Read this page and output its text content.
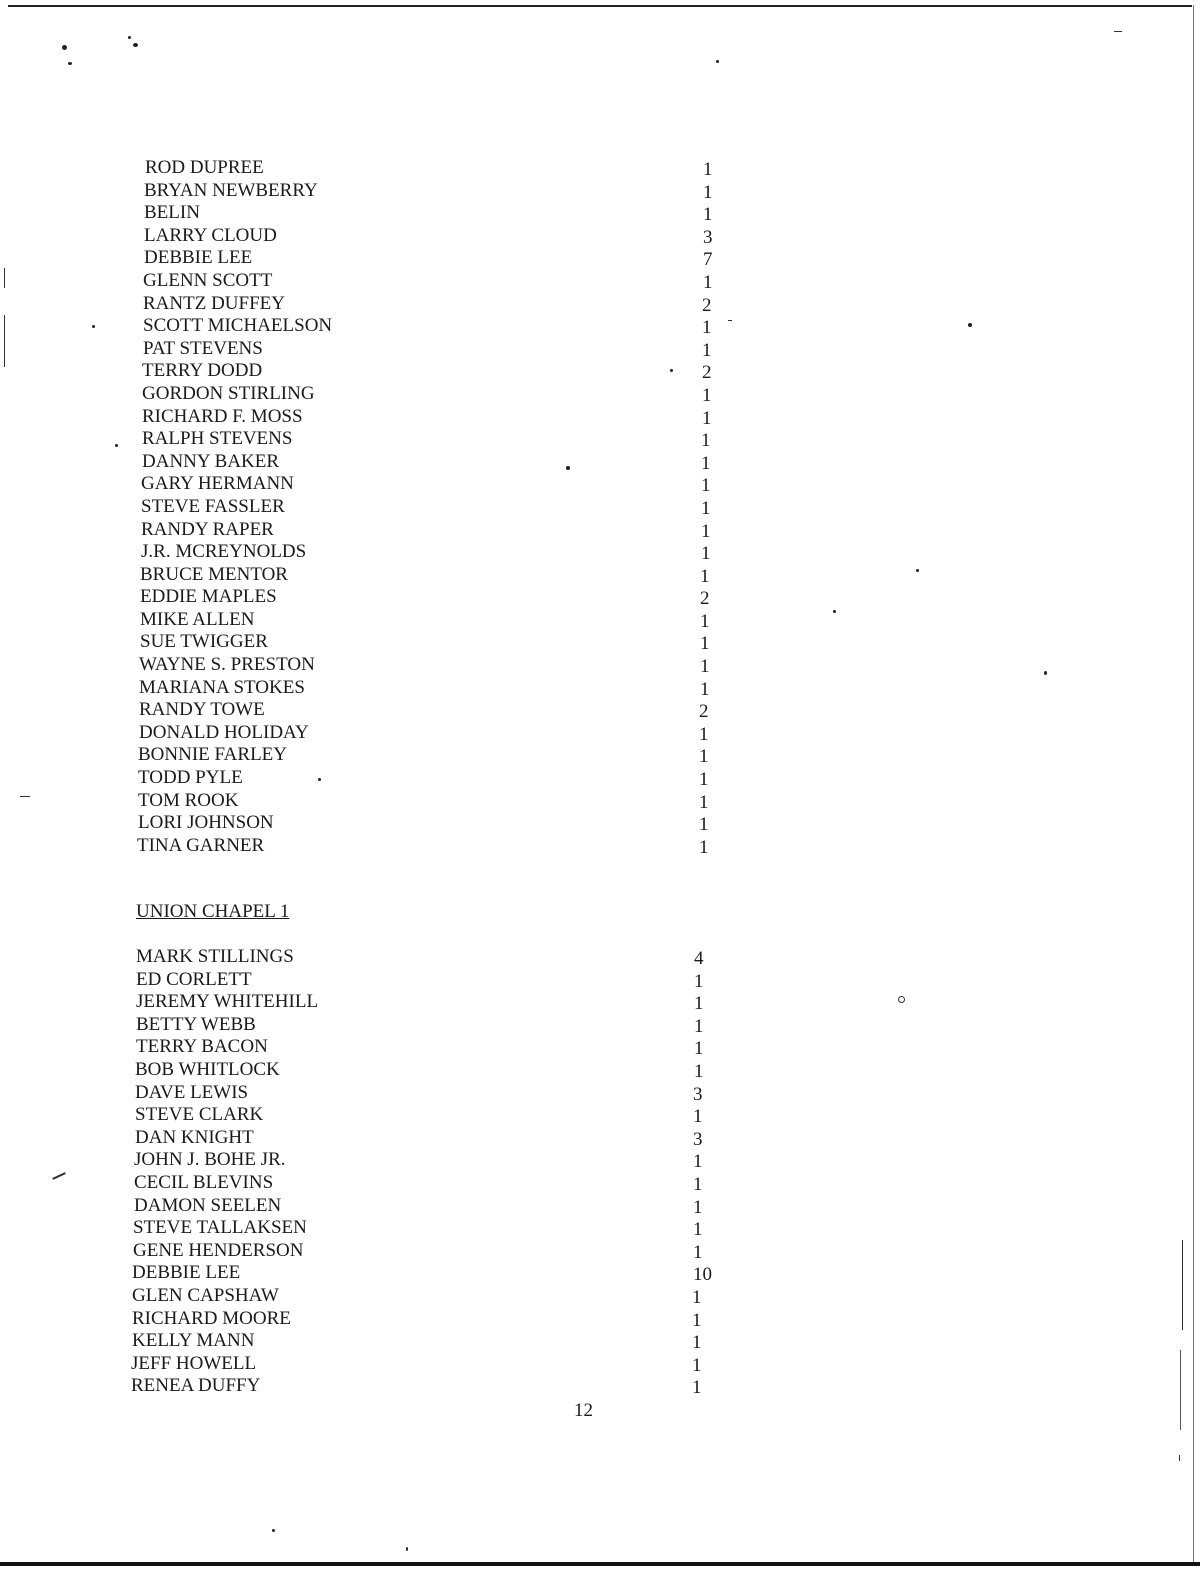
ROD DUPREE
BRYAN NEWBERRY
BELIN
LARRY CLOUD
DEBBIE LEE
GLENN SCOTT
RANTZ DUFFEY
SCOTT MICHAELSON
PAT STEVENS
TERRY DODD
GORDON STIRLING
RICHARD F. MOSS
RALPH STEVENS
DANNY BAKER
GARY HERMANN
STEVE FASSLER
RANDY RAPER
J.R. MCREYNOLDS
BRUCE MENTOR
EDDIE MAPLES
MIKE ALLEN
SUE TWIGGER
WAYNE S. PRESTON
MARIANA STOKES
RANDY TOWE
DONALD HOLIDAY
BONNIE FARLEY
TODD PYLE
TOM ROOK
LORI JOHNSON
TINA GARNER
1
1
1
3
7
1
2
1
1
2
1
1
1
1
1
1
1
1
1
2
1
1
1
1
2
1
1
1
1
1
1
UNION CHAPEL 1
MARK STILLINGS
ED CORLETT
JEREMY WHITEHILL
BETTY WEBB
TERRY BACON
BOB WHITLOCK
DAVE LEWIS
STEVE CLARK
DAN KNIGHT
JOHN J. BOHE JR.
CECIL BLEVINS
DAMON SEELEN
STEVE TALLAKSEN
GENE HENDERSON
DEBBIE LEE
GLEN CAPSHAW
RICHARD MOORE
KELLY MANN
JEFF HOWELL
RENEA DUFFY
4
1
1
1
1
1
3
1
3
1
1
1
1
1
10
1
1
1
1
1
12
